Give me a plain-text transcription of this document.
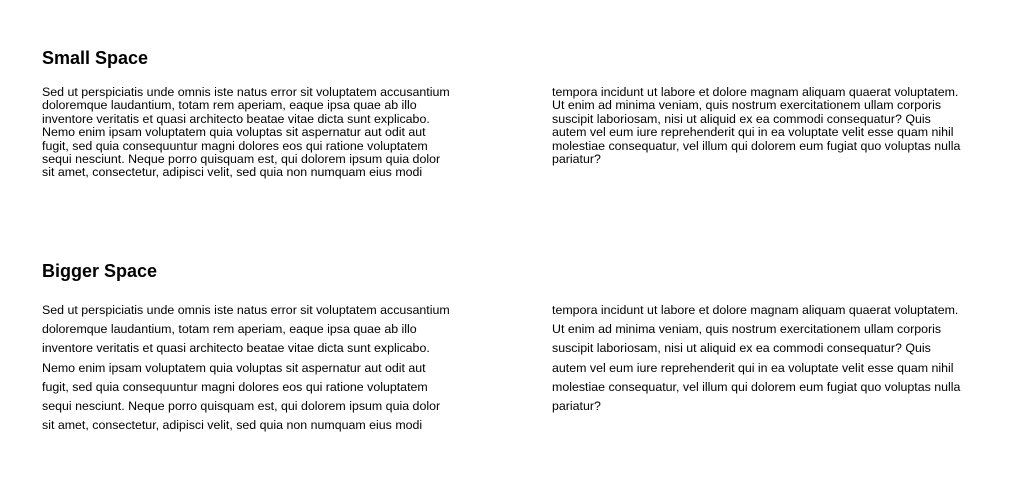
Small Space

Sed ut perspiciatis unde omnis iste natus error sit voluptatem accusantium
doloremque laudantium, totam rem aperiam, eaque ipsa quae ab illo
inventore veritatis et quasi architecto beatae vitae dicta sunt explicabo.
Nemo enim ipsam voluptatem quia voluptas sit aspernatur aut odit aut
fugit, sed quia consequuntur magni dolores eos qui ratione voluptatem
sequi nesciunt. Neque porro quisquam est, qui dolorem ipsum quia dolor
sit amet, consectetur, adipisci velit, sed quia non numquam eius modi

tempora incidunt ut labore et dolore magnam aliquam quaerat voluptatem.
Ut enim ad minima veniam, quis nostrum exercitationem ullam corporis
suscipit laboriosam, nisi ut aliquid ex ea commodi consequatur? Quis
autem vel eum iure reprehenderit qui in ea voluptate velit esse quam nihil
molestiae consequatur, vel illum qui dolorem eum fugiat quo voluptas nulla
pariatur?

Bigger Space

Sed ut perspiciatis unde omnis iste natus error sit voluptatem accusantium
doloremque laudantium, totam rem aperiam, eaque ipsa quae ab illo
inventore veritatis et quasi architecto beatae vitae dicta sunt explicabo.
Nemo enim ipsam voluptatem quia voluptas sit aspernatur aut odit aut
fugit, sed quia consequuntur magni dolores eos qui ratione voluptatem
sequi nesciunt. Neque porro quisquam est, qui dolorem ipsum quia dolor
sit amet, consectetur, adipisci velit, sed quia non numquam eius modi

tempora incidunt ut labore et dolore magnam aliquam quaerat voluptatem.
Ut enim ad minima veniam, quis nostrum exercitationem ullam corporis
suscipit laboriosam, nisi ut aliquid ex ea commodi consequatur? Quis
autem vel eum iure reprehenderit qui in ea voluptate velit esse quam nihil
molestiae consequatur, vel illum qui dolorem eum fugiat quo voluptas nulla
pariatur?
